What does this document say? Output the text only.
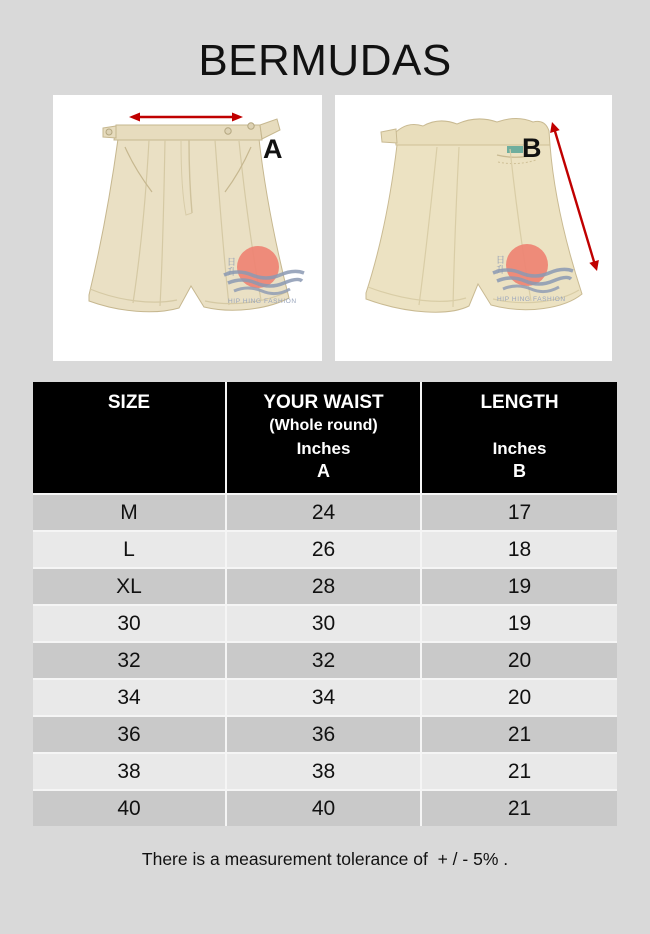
BERMUDAS
日
升
HIP HING FASHION
A
日
升
HIP HING FASHION
B
SIZE	YOUR WAIST
(Whole round)
Inches
A
LENGTH
Inches
B
M	24	17
L	26	18
XL	28	19
30	30	19
32	32	20
34	34	20
36	36	21
38	38	21
40	40	21
There is a measurement tolerance of  + / - 5% .
